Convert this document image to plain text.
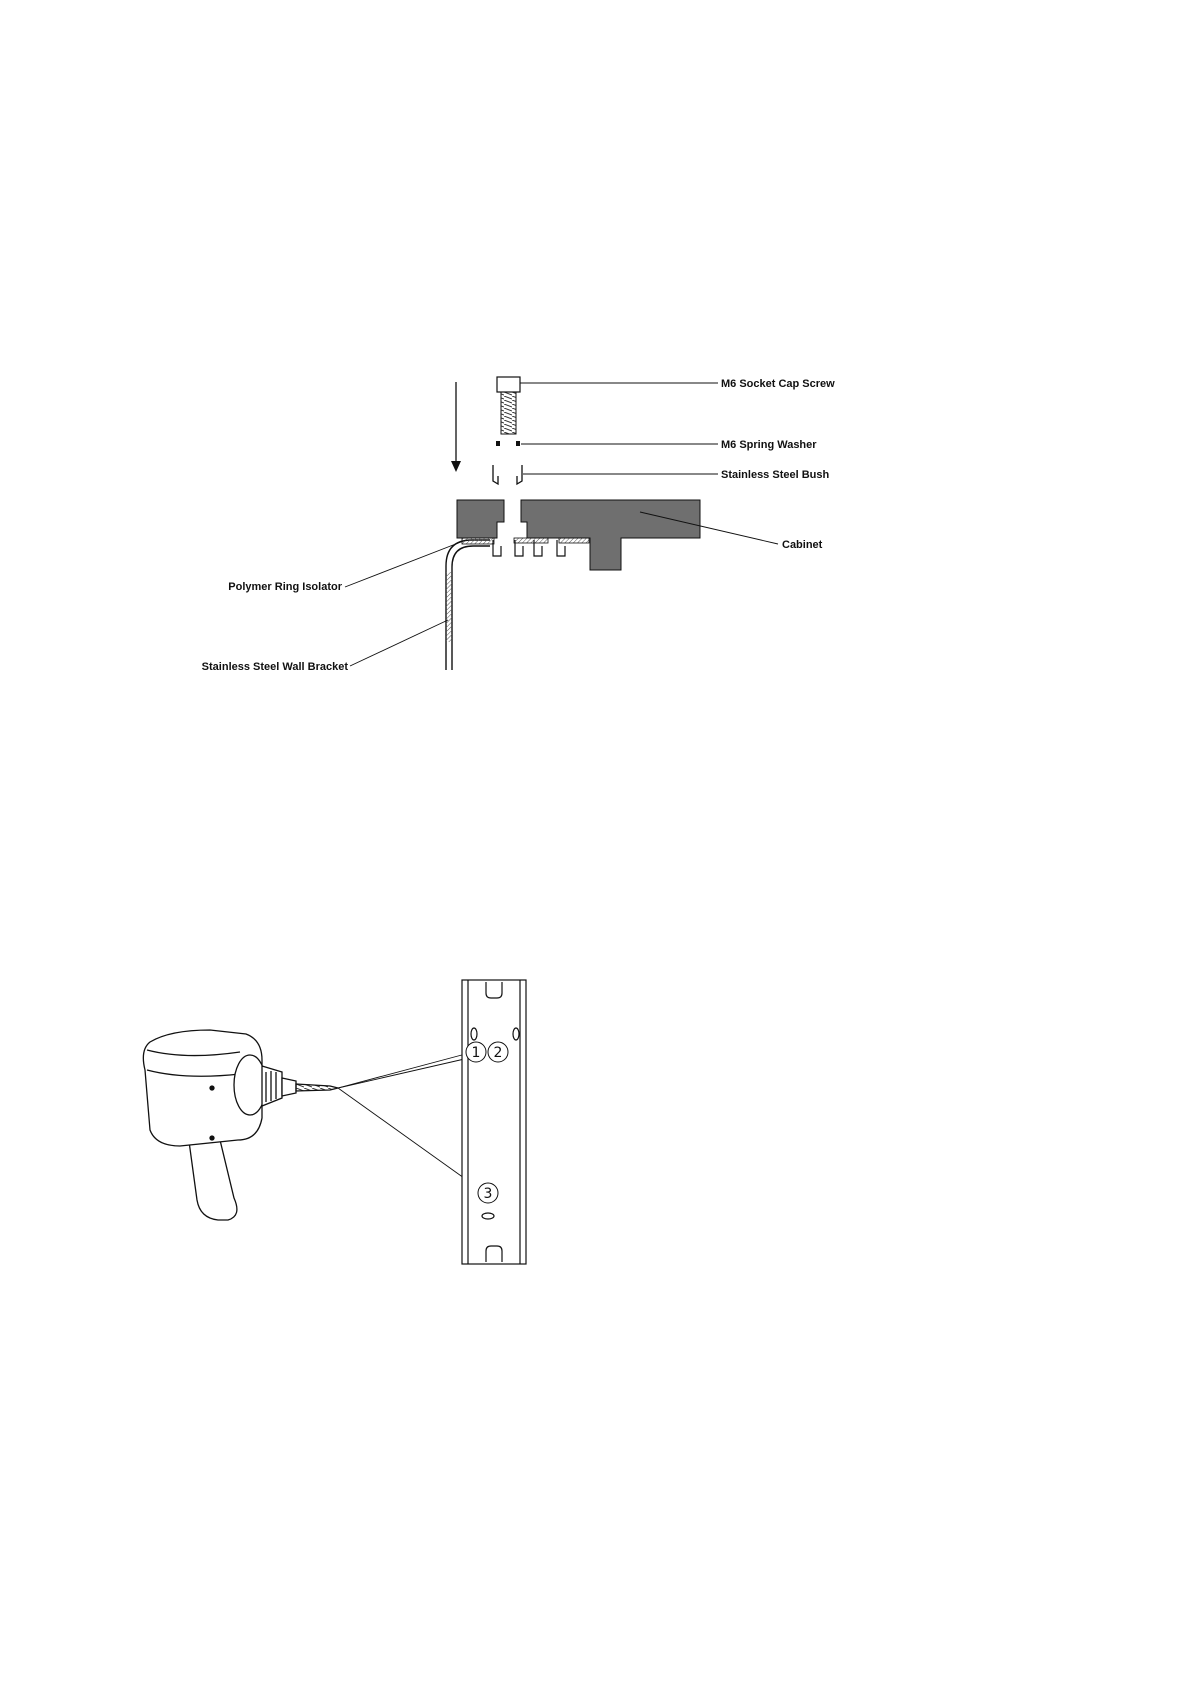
M6 Socket Cap Screw
M6 Spring Washer
Stainless Steel Bush
Cabinet
Polymer Ring Isolator
Stainless Steel Wall Bracket
1 2
3
